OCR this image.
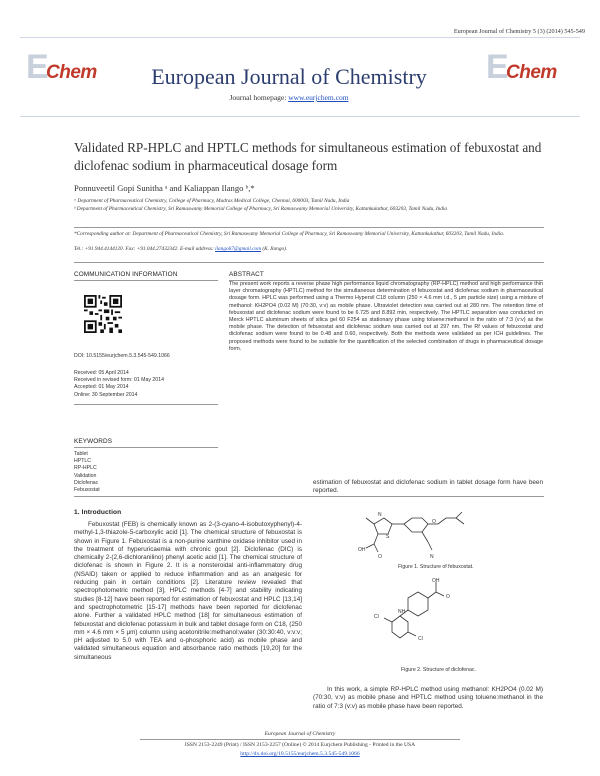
European Journal of Chemistry 5 (3) (2014) 545-549
E
Chem	E
Chem
European Journal of Chemistry
Journal homepage: www.eurjchem.com
Validated RP-HPLC and HPTLC methods for simultaneous estimation of febuxostat and diclofenac sodium in pharmaceutical dosage form
Ponnuveetil Gopi Sunitha ᵃ and Kaliappan Ilango ᵇ,*
ᵃ Department of Pharmaceutical Chemistry, College of Pharmacy, Madras Medical College, Chennai, 600003, Tamil Nadu, India
ᵇ Department of Pharmaceutical Chemistry, Sri Ramaswamy Memorial College of Pharmacy, Sri Ramaswamy Memorial University, Kattankulathur, 603203, Tamil Nadu, India
*Corresponding author at: Department of Pharmaceutical Chemistry, Sri Ramaswamy Memorial College of Pharmacy, Sri Ramaswamy Memorial University, Kattankulathur, 603203, Tamil Nadu, India.
Tel.: +91.944.4144120. Fax: +91.044.27432342. E-mail address: ilango67@gmail.com (K. Ilango).
COMMUNICATION INFORMATION	ABSTRACT
DOI: 10.5155/eurjchem.5.3.545-549.1066
Received: 05 April 2014
Received in revised form: 01 May 2014
Accepted: 01 May 2014
Online: 30 September 2014
The present work reports a reverse phase high performance liquid chromatography (RP-HPLC) method and high performance thin layer chromatography (HPTLC) method for the simultaneous determination of febuxostat and diclofenac sodium in pharmaceutical dosage form. HPLC was performed using a Thermo Hypersil C18 column (250 × 4.6 mm i.d., 5 μm particle size) using a mixture of methanol: KH2PO4 (0.02 M) (70:30, v:v) as mobile phase. Ultraviolet detection was carried out at 280 nm. The retention time of febuxostat and diclofenac sodium were found to be 6.725 and 8.892 min, respectively. The HPTLC separation was conducted on Merck HPTLC aluminum sheets of silica gel 60 F254 as stationary phase using toluene:methanol in the ratio of 7:3 (v:v) as the mobile phase. The detection of febuxostat and diclofenac sodium was carried out at 297 nm. The Rf values of febuxostat and diclofenac sodium were found to be 0.48 and 0.60, respectively. Both the methods were validated as per ICH guidelines. The proposed methods were found to be suitable for the quantification of the selected combination of drugs in pharmaceutical dosage form.
KEYWORDS
Tablet
HPTLC
RP-HPLC
Validation
Diclofenac
Febuxostat
1. Introduction
Febuxostat (FEB) is chemically known as 2-(3-cyano-4-isobutoxyphenyl)-4-methyl-1,3-thiazole-5-carboxylic acid [1]. The chemical structure of febuxostat is shown in Figure 1. Febuxostat is a non-purine xanthine oxidase inhibitor used in the treatment of hyperuricaemia with chronic gout [2]. Diclofenac (DIC) is chemically 2-(2,6-dichloranilino) phenyl acetic acid [1]. The chemical structure of diclofenac is shown in Figure 2. It is a nonsteroidal anti-inflammatory drug (NSAID) taken or applied to reduce inflammation and as an analgesic for reducing pain in certain conditions [2]. Literature review revealed that spectrophotometric method [3], HPLC methods [4-7] and stability indicating studies [8-12] have been reported for estimation of febuxostat and HPLC [13,14] and spectrophotometric [15-17] methods have been reported for diclofenac alone. Further a validated HPLC method [18] for simultaneous estimation of febuxostat and diclofenac potassium in bulk and tablet dosage form on C18, (250 mm × 4.6 mm × 5 μm) column using acetonitrile:methanol:water (30:30:40, v:v:v; pH adjusted to 5.0 with TEA and o-phosphoric acid) as mobile phase and validated simultaneous equation and absorbance ratio methods [19,20] for the simultaneous
estimation of febuxostat and diclofenac sodium in tablet dosage form have been reported.
N
S
O
OH
O	N
Figure 1. Structure of febuxostat.
OH
O
Cl
NH
Cl
Figure 2. Structure of diclofenac.
In this work, a simple RP-HPLC method using methanol: KH2PO4 (0.02 M) (70:30, v:v) as mobile phase and HPTLC method using toluene:methanol in the ratio of 7:3 (v:v) as mobile phase have been reported.
European Journal of Chemistry
ISSN 2153-2249 (Print) / ISSN 2153-2257 (Online) © 2014 Eurjchem Publishing - Printed in the USA
http://dx.doi.org/10.5155/eurjchem.5.3.545-549.1066
